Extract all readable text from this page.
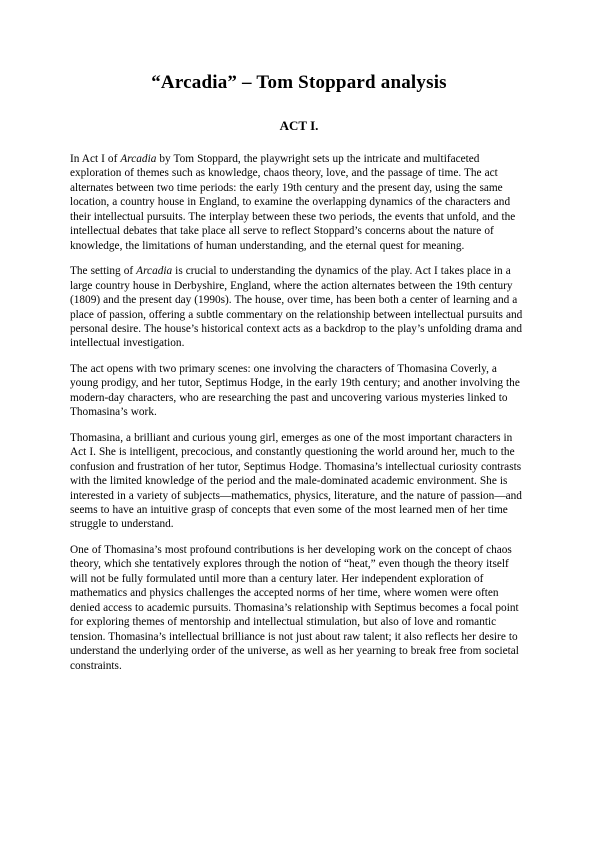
“Arcadia” – Tom Stoppard analysis
ACT I.

In Act I of Arcadia by Tom Stoppard, the playwright sets up the intricate and multifaceted exploration of themes such as knowledge, chaos theory, love, and the passage of time. The act alternates between two time periods: the early 19th century and the present day, using the same location, a country house in England, to examine the overlapping dynamics of the characters and their intellectual pursuits. The interplay between these two periods, the events that unfold, and the intellectual debates that take place all serve to reflect Stoppard’s concerns about the nature of knowledge, the limitations of human understanding, and the eternal quest for meaning.

The setting of Arcadia is crucial to understanding the dynamics of the play. Act I takes place in a large country house in Derbyshire, England, where the action alternates between the 19th century (1809) and the present day (1990s). The house, over time, has been both a center of learning and a place of passion, offering a subtle commentary on the relationship between intellectual pursuits and personal desire. The house’s historical context acts as a backdrop to the play’s unfolding drama and intellectual investigation.

The act opens with two primary scenes: one involving the characters of Thomasina Coverly, a young prodigy, and her tutor, Septimus Hodge, in the early 19th century; and another involving the modern-day characters, who are researching the past and uncovering various mysteries linked to Thomasina’s work.

Thomasina, a brilliant and curious young girl, emerges as one of the most important characters in Act I. She is intelligent, precocious, and constantly questioning the world around her, much to the confusion and frustration of her tutor, Septimus Hodge. Thomasina’s intellectual curiosity contrasts with the limited knowledge of the period and the male-dominated academic environment. She is interested in a variety of subjects—mathematics, physics, literature, and the nature of passion—and seems to have an intuitive grasp of concepts that even some of the most learned men of her time struggle to understand.

One of Thomasina’s most profound contributions is her developing work on the concept of chaos theory, which she tentatively explores through the notion of “heat,” even though the theory itself will not be fully formulated until more than a century later. Her independent exploration of mathematics and physics challenges the accepted norms of her time, where women were often denied access to academic pursuits. Thomasina’s relationship with Septimus becomes a focal point for exploring themes of mentorship and intellectual stimulation, but also of love and romantic tension. Thomasina’s intellectual brilliance is not just about raw talent; it also reflects her desire to understand the underlying order of the universe, as well as her yearning to break free from societal constraints.
